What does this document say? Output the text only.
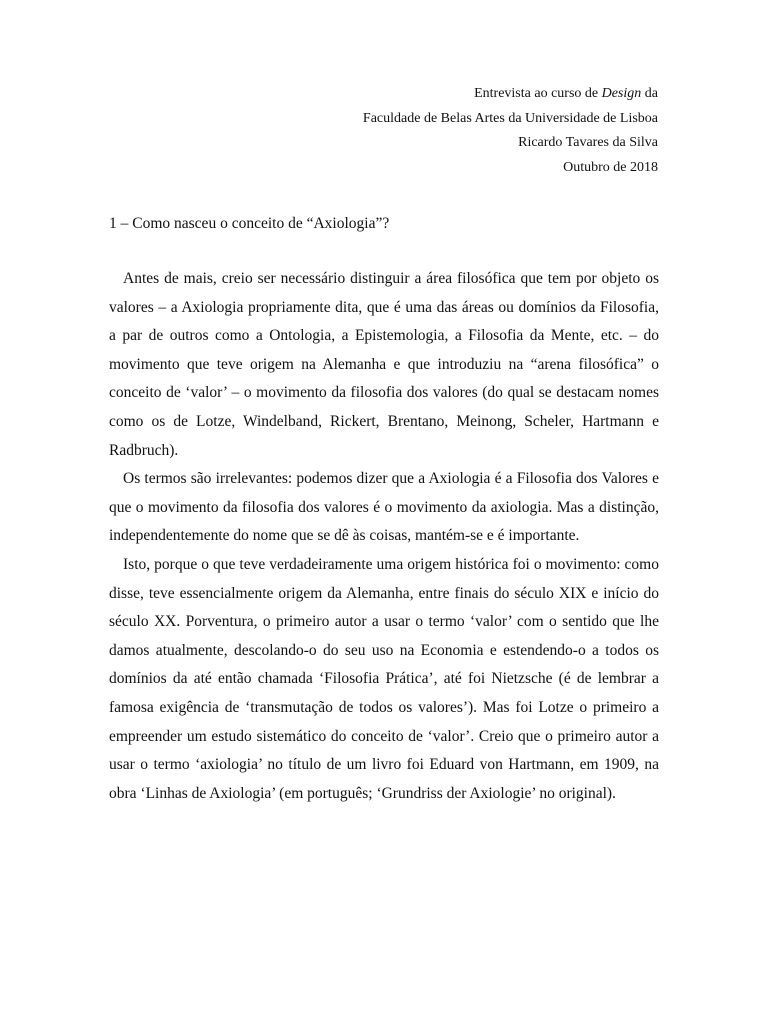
Entrevista ao curso de Design da
Faculdade de Belas Artes da Universidade de Lisboa
Ricardo Tavares da Silva
Outubro de 2018
1 – Como nasceu o conceito de “Axiologia”?

Antes de mais, creio ser necessário distinguir a área filosófica que tem por objeto os valores – a Axiologia propriamente dita, que é uma das áreas ou domínios da Filosofia, a par de outros como a Ontologia, a Epistemologia, a Filosofia da Mente, etc. – do movimento que teve origem na Alemanha e que introduziu na “arena filosófica” o conceito de ‘valor’ – o movimento da filosofia dos valores (do qual se destacam nomes como os de Lotze, Windelband, Rickert, Brentano, Meinong, Scheler, Hartmann e Radbruch).

Os termos são irrelevantes: podemos dizer que a Axiologia é a Filosofia dos Valores e que o movimento da filosofia dos valores é o movimento da axiologia. Mas a distinção, independentemente do nome que se dê às coisas, mantém-se e é importante.

Isto, porque o que teve verdadeiramente uma origem histórica foi o movimento: como disse, teve essencialmente origem da Alemanha, entre finais do século XIX e início do século XX. Porventura, o primeiro autor a usar o termo ‘valor’ com o sentido que lhe damos atualmente, descolando-o do seu uso na Economia e estendendo-o a todos os domínios da até então chamada ‘Filosofia Prática’, até foi Nietzsche (é de lembrar a famosa exigência de ‘transmutação de todos os valores’). Mas foi Lotze o primeiro a empreender um estudo sistemático do conceito de ‘valor’. Creio que o primeiro autor a usar o termo ‘axiologia’ no título de um livro foi Eduard von Hartmann, em 1909, na obra ‘Linhas de Axiologia’ (em português; ‘Grundriss der Axiologie’ no original).
